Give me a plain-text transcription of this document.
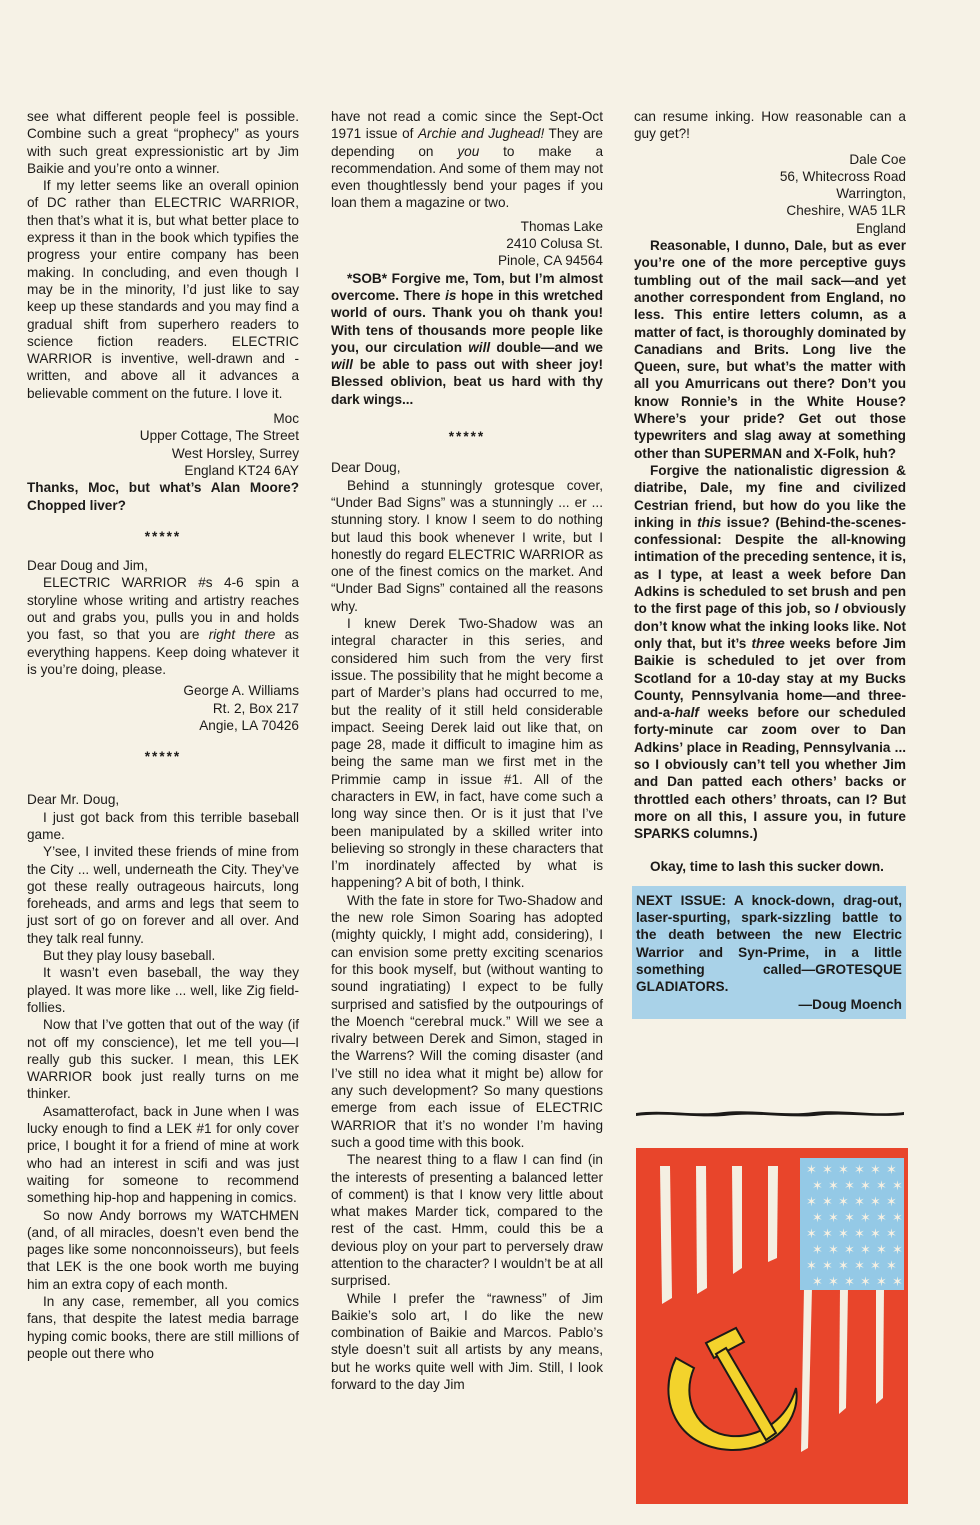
see what different people feel is possible. Combine such a great “prophecy” as yours with such great expressionistic art by Jim Baikie and you’re onto a winner.

If my letter seems like an overall opinion of DC rather than ELECTRIC WARRIOR, then that’s what it is, but what better place to express it than in the book which typifies the progress your entire company has been making. In concluding, and even though I may be in the minority, I’d just like to say keep up these standards and you may find a gradual shift from superhero readers to science fiction readers. ELECTRIC WARRIOR is inventive, well-drawn and -written, and above all it advances a believable comment on the future. I love it.

Moc

Upper Cottage, The Street

West Horsley, Surrey

England KT24 6AY

Thanks, Moc, but what’s Alan Moore? Chopped liver?

*****

Dear Doug and Jim,

ELECTRIC WARRIOR #s 4-6 spin a storyline whose writing and artistry reaches out and grabs you, pulls you in and holds you fast, so that you are right there as everything happens. Keep doing whatever it is you’re doing, please.

George A. Williams

Rt. 2, Box 217

Angie, LA 70426

*****

Dear Mr. Doug,

I just got back from this terrible baseball game.

Y’see, I invited these friends of mine from the City ... well, underneath the City. They’ve got these really outrageous haircuts, long foreheads, and arms and legs that seem to just sort of go on forever and all over. And they talk real funny.

But they play lousy baseball.

It wasn’t even baseball, the way they played. It was more like ... well, like Zig field-follies.

Now that I’ve gotten that out of the way (if not off my conscience), let me tell you—I really gub this sucker. I mean, this LEK WARRIOR book just really turns on me thinker.

Asamatterofact, back in June when I was lucky enough to find a LEK #1 for only cover price, I bought it for a friend of mine at work who had an interest in scifi and was just waiting for someone to recommend something hip-hop and happening in comics.

So now Andy borrows my WATCHMEN (and, of all miracles, doesn’t even bend the pages like some nonconnoisseurs), but feels that LEK is the one book worth me buying him an extra copy of each month.

In any case, remember, all you comics fans, that despite the latest media barrage hyping comic books, there are still millions of people out there who

have not read a comic since the Sept-Oct 1971 issue of Archie and Jughead! They are depending on you to make a recommendation. And some of them may not even thoughtlessly bend your pages if you loan them a magazine or two.

Thomas Lake

2410 Colusa St.

Pinole, CA 94564

*SOB* Forgive me, Tom, but I’m almost overcome. There is hope in this wretched world of ours. Thank you oh thank you! With tens of thousands more people like you, our circulation will double—and we will be able to pass out with sheer joy! Blessed oblivion, beat us hard with thy dark wings...

*****

Dear Doug,

Behind a stunningly grotesque cover, “Under Bad Signs” was a stunningly ... er ... stunning story. I know I seem to do nothing but laud this book whenever I write, but I honestly do regard ELECTRIC WARRIOR as one of the finest comics on the market. And “Under Bad Signs” contained all the reasons why.

I knew Derek Two-Shadow was an integral character in this series, and considered him such from the very first issue. The possibility that he might become a part of Marder’s plans had occurred to me, but the reality of it still held considerable impact. Seeing Derek laid out like that, on page 28, made it difficult to imagine him as being the same man we first met in the Primmie camp in issue #1. All of the characters in EW, in fact, have come such a long way since then. Or is it just that I’ve been manipulated by a skilled writer into believing so strongly in these characters that I’m inordinately affected by what is happening? A bit of both, I think.

With the fate in store for Two-Shadow and the new role Simon Soaring has adopted (mighty quickly, I might add, considering), I can envision some pretty exciting scenarios for this book myself, but (without wanting to sound ingratiating) I expect to be fully surprised and satisfied by the outpourings of the Moench “cerebral muck.” Will we see a rivalry between Derek and Simon, staged in the Warrens? Will the coming disaster (and I’ve still no idea what it might be) allow for any such development? So many questions emerge from each issue of ELECTRIC WARRIOR that it’s no wonder I’m having such a good time with this book.

The nearest thing to a flaw I can find (in the interests of presenting a balanced letter of comment) is that I know very little about what makes Marder tick, compared to the rest of the cast. Hmm, could this be a devious ploy on your part to perversely draw attention to the character? I wouldn’t be at all surprised.

While I prefer the “rawness” of Jim Baikie’s solo art, I do like the new combination of Baikie and Marcos. Pablo’s style doesn’t suit all artists by any means, but he works quite well with Jim. Still, I look forward to the day Jim

can resume inking. How reasonable can a guy get?!

Dale Coe

56, Whitecross Road

Warrington,

Cheshire, WA5 1LR

England

Reasonable, I dunno, Dale, but as ever you’re one of the more perceptive guys tumbling out of the mail sack—and yet another correspondent from England, no less. This entire letters column, as a matter of fact, is thoroughly dominated by Canadians and Brits. Long live the Queen, sure, but what’s the matter with all you Amurricans out there? Don’t you know Ronnie’s in the White House? Where’s your pride? Get out those typewriters and slag away at something other than SUPERMAN and X-Folk, huh?

Forgive the nationalistic digression & diatribe, Dale, my fine and civilized Cestrian friend, but how do you like the inking in this issue? (Behind-the-scenes-confessional: Despite the all-knowing intimation of the preceding sentence, it is, as I type, at least a week before Dan Adkins is scheduled to set brush and pen to the first page of this job, so I obviously don’t know what the inking looks like. Not only that, but it’s three weeks before Jim Baikie is scheduled to jet over from Scotland for a 10-day stay at my Bucks County, Pennsylvania home—and three-and-a-half weeks before our scheduled forty-minute car zoom over to Dan Adkins’ place in Reading, Pennsylvania ... so I obviously can’t tell you whether Jim and Dan patted each others’ backs or throttled each others’ throats, can I? But more on all this, I assure you, in future SPARKS columns.)

Okay, time to lash this sucker down.

NEXT ISSUE: A knock-down, drag-out, laser-spurting, spark-sizzling battle to the death between the new Electric Warrior and Syn-Prime, in a little something called—GROTESQUE GLADIATORS.
—Doug Moench
✶ ✶ ✶ ✶ ✶ ✶
✶ ✶ ✶ ✶ ✶ ✶
✶ ✶ ✶ ✶ ✶ ✶
✶ ✶ ✶ ✶ ✶ ✶
✶ ✶ ✶ ✶ ✶ ✶
✶ ✶ ✶ ✶ ✶ ✶
✶ ✶ ✶ ✶ ✶ ✶
✶ ✶ ✶ ✶ ✶ ✶
